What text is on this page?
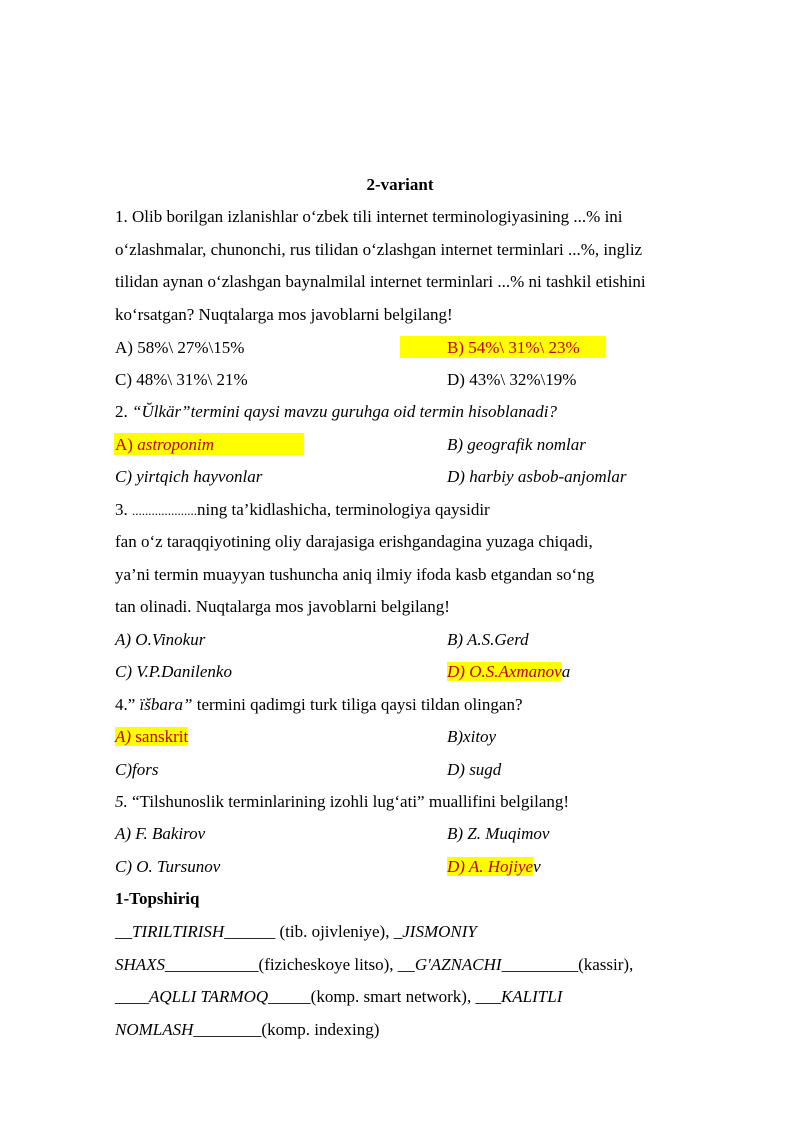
2-variant
1. Olib borilgan izlanishlar o‘zbek tili internet terminologiyasining ...% ini
o‘zlashmalar, chunonchi, rus tilidan o‘zlashgan internet terminlari ...%, ingliz
tilidan aynan o‘zlashgan baynalmilal internet terminlari ...% ni tashkil etishini
ko‘rsatgan? Nuqtalarga mos javoblarni belgilang!
A) 58%\ 27%\15%	B) 54%\ 31%\ 23%
C) 48%\ 31%\ 21%	D) 43%\ 32%\19%
2. “Ŭlkär”termini qaysi mavzu guruhga oid termin hisoblanadi?
A) astroponim	B) geografik nomlar
C) yirtqich hayvonlar	D) harbiy asbob-anjomlar
3. ....................ning ta’kidlashicha, terminologiya qaysidir
fan o‘z taraqqiyotining oliy darajasiga erishgandagina yuzaga chiqadi,
ya’ni termin muayyan tushuncha aniq ilmiy ifoda kasb etgandan so‘ng
tan olinadi. Nuqtalarga mos javoblarni belgilang!
A) O.Vinokur	B) A.S.Gerd
C) V.P.Danilenko	D) O.S.Axmanova
4.” ïšbara” termini qadimgi turk tiliga qaysi tildan olingan?
A) sanskrit	B)xitoy
C)fors	D) sugd
5. “Tilshunoslik terminlarining izohli lug‘ati” muallifini belgilang!
A) F. Bakirov	B) Z. Muqimov
C) O. Tursunov	D) A. Hojiyev
1-Topshiriq
__TIRILTIRISH______ (tib. ojivleniye), _JISMONIY
SHAXS___________(fizicheskoye litso), __G'AZNACHI_________(kassir),
____AQLLI TARMOQ_____(komp. smart network), ___KALITLI
NOMLASH________(komp. indexing)
